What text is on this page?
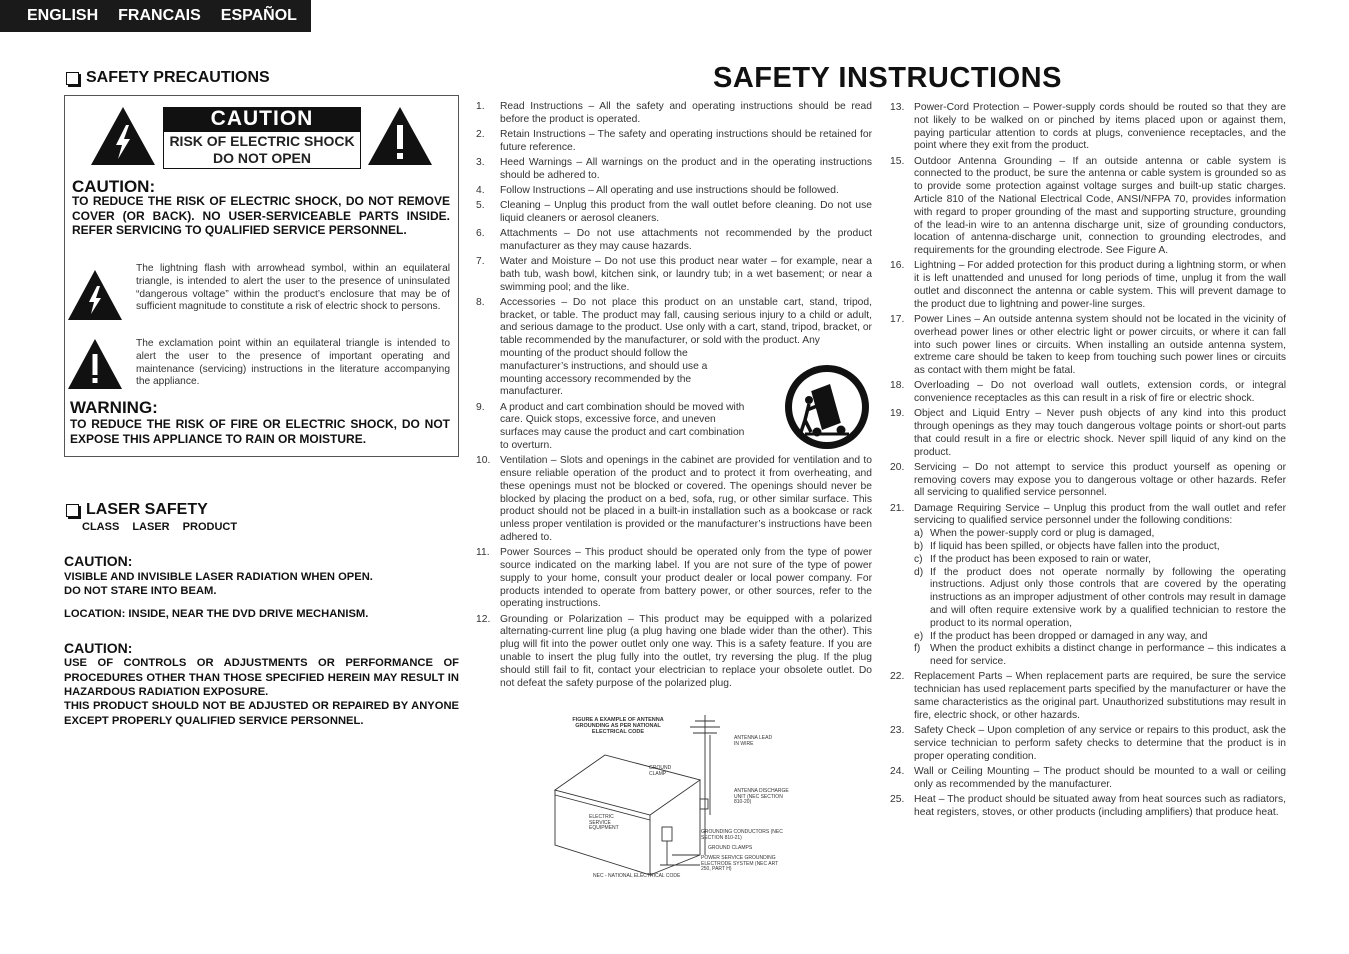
ENGLISH FRANCAIS ESPAÑOL
SAFETY PRECAUTIONS
CAUTION
RISK OF ELECTRIC SHOCK
DO NOT OPEN
CAUTION:
TO REDUCE THE RISK OF ELECTRIC SHOCK, DO NOT REMOVE COVER (OR BACK). NO USER-SERVICEABLE PARTS INSIDE. REFER SERVICING TO QUALIFIED SERVICE PERSONNEL.
The lightning flash with arrowhead symbol, within an equilateral triangle, is intended to alert the user to the presence of uninsulated “dangerous voltage” within the product’s enclosure that may be of sufficient magnitude to constitute a risk of electric shock to persons.
The exclamation point within an equilateral triangle is intended to alert the user to the presence of important operating and maintenance (servicing) instructions in the literature accompanying the appliance.
WARNING:
TO REDUCE THE RISK OF FIRE OR ELECTRIC SHOCK, DO NOT EXPOSE THIS APPLIANCE TO RAIN OR MOISTURE.
LASER SAFETY
CLASS LASER PRODUCT
CAUTION:
VISIBLE AND INVISIBLE LASER RADIATION WHEN OPEN.
DO NOT STARE INTO BEAM.
LOCATION: INSIDE, NEAR THE DVD DRIVE MECHANISM.
CAUTION:
USE OF CONTROLS OR ADJUSTMENTS OR PERFORMANCE OF PROCEDURES OTHER THAN THOSE SPECIFIED HEREIN MAY RESULT IN HAZARDOUS RADIATION EXPOSURE.
THIS PRODUCT SHOULD NOT BE ADJUSTED OR REPAIRED BY ANYONE EXCEPT PROPERLY QUALIFIED SERVICE PERSONNEL.
SAFETY INSTRUCTIONS
1.	Read Instructions – All the safety and operating instructions should be read before the product is operated.
2.	Retain Instructions – The safety and operating instructions should be retained for future reference.
3.	Heed Warnings – All warnings on the product and in the operating instructions should be adhered to.
4.	Follow Instructions – All operating and use instructions should be followed.
5.	Cleaning – Unplug this product from the wall outlet before cleaning. Do not use liquid cleaners or aerosol cleaners.
6.	Attachments – Do not use attachments not recommended by the product manufacturer as they may cause hazards.
7.	Water and Moisture – Do not use this product near water – for example, near a bath tub, wash bowl, kitchen sink, or laundry tub; in a wet basement; or near a swimming pool; and the like.
8.	Accessories – Do not place this product on an unstable cart, stand, tripod, bracket, or table. The product may fall, causing serious injury to a child or adult, and serious damage to the product. Use only with a cart, stand, tripod, bracket, or table recommended by the manufacturer, or sold with the product. Any
mounting of the product should follow the manufacturer’s instructions, and should use a mounting accessory recommended by the manufacturer.
9.	A product and cart combination should be moved with care. Quick stops, excessive force, and uneven surfaces may cause the product and cart combination to overturn.
10. Ventilation – Slots and openings in the cabinet are provided for ventilation and to ensure reliable operation of the product and to protect it from overheating, and these openings must not be blocked or covered. The openings should never be blocked by placing the product on a bed, sofa, rug, or other similar surface. This product should not be placed in a built-in installation such as a bookcase or rack unless proper ventilation is provided or the manufacturer’s instructions have been adhered to.
11.	Power Sources – This product should be operated only from the type of power source indicated on the marking label. If you are not sure of the type of power supply to your home, consult your product dealer or local power company. For products intended to operate from battery power, or other sources, refer to the operating instructions.
12. Grounding or Polarization – This product may be equipped with a polarized alternating-current line plug (a plug having one blade wider than the other). This plug will fit into the power outlet only one way. This is a safety feature. If you are unable to insert the plug fully into the outlet, try reversing the plug. If the plug should still fail to fit, contact your electrician to replace your obsolete outlet. Do not defeat the safety purpose of the polarized plug.
FIGURE A EXAMPLE OF ANTENNA GROUNDING AS PER NATIONAL ELECTRICAL CODE
ANTENNA LEAD IN WIRE
GROUND CLAMP
ANTENNA DISCHARGE UNIT (NEC SECTION 810-20)
ELECTRIC SERVICE EQUIPMENT
GROUNDING CONDUCTORS (NEC SECTION 810-21)
GROUND CLAMPS
POWER SERVICE GROUNDING ELECTRODE SYSTEM (NEC ART 250, PART H)
NEC - NATIONAL ELECTRICAL CODE
13. Power-Cord Protection – Power-supply cords should be routed so that they are not likely to be walked on or pinched by items placed upon or against them, paying particular attention to cords at plugs, convenience receptacles, and the point where they exit from the product.
15. Outdoor Antenna Grounding – If an outside antenna or cable system is connected to the product, be sure the antenna or cable system is grounded so as to provide some protection against voltage surges and built-up static charges. Article 810 of the National Electrical Code, ANSI/NFPA 70, provides information with regard to proper grounding of the mast and supporting structure, grounding of the lead-in wire to an antenna discharge unit, size of grounding conductors, location of antenna-discharge unit, connection to grounding electrodes, and requirements for the grounding electrode. See Figure A.
16. Lightning – For added protection for this product during a lightning storm, or when it is left unattended and unused for long periods of time, unplug it from the wall outlet and disconnect the antenna or cable system. This will prevent damage to the product due to lightning and power-line surges.
17. Power Lines – An outside antenna system should not be located in the vicinity of overhead power lines or other electric light or power circuits, or where it can fall into such power lines or circuits. When installing an outside antenna system, extreme care should be taken to keep from touching such power lines or circuits as contact with them might be fatal.
18. Overloading – Do not overload wall outlets, extension cords, or integral convenience receptacles as this can result in a risk of fire or electric shock.
19. Object and Liquid Entry – Never push objects of any kind into this product through openings as they may touch dangerous voltage points or short-out parts that could result in a fire or electric shock. Never spill liquid of any kind on the product.
20. Servicing – Do not attempt to service this product yourself as opening or removing covers may expose you to dangerous voltage or other hazards. Refer all servicing to qualified service personnel.
21. Damage Requiring Service – Unplug this product from the wall outlet and refer servicing to qualified service personnel under the following conditions:
a) When the power-supply cord or plug is damaged,
b) If liquid has been spilled, or objects have fallen into the product,
c) If the product has been exposed to rain or water,
d) If the product does not operate normally by following the operating instructions. Adjust only those controls that are covered by the operating instructions as an improper adjustment of other controls may result in damage and will often require extensive work by a qualified technician to restore the product to its normal operation,
e) If the product has been dropped or damaged in any way, and
f) When the product exhibits a distinct change in performance – this indicates a need for service.
22. Replacement Parts – When replacement parts are required, be sure the service technician has used replacement parts specified by the manufacturer or have the same characteristics as the original part. Unauthorized substitutions may result in fire, electric shock, or other hazards.
23. Safety Check – Upon completion of any service or repairs to this product, ask the service technician to perform safety checks to determine that the product is in proper operating condition.
24. Wall or Ceiling Mounting – The product should be mounted to a wall or ceiling only as recommended by the manufacturer.
25. Heat – The product should be situated away from heat sources such as radiators, heat registers, stoves, or other products (including amplifiers) that produce heat.
